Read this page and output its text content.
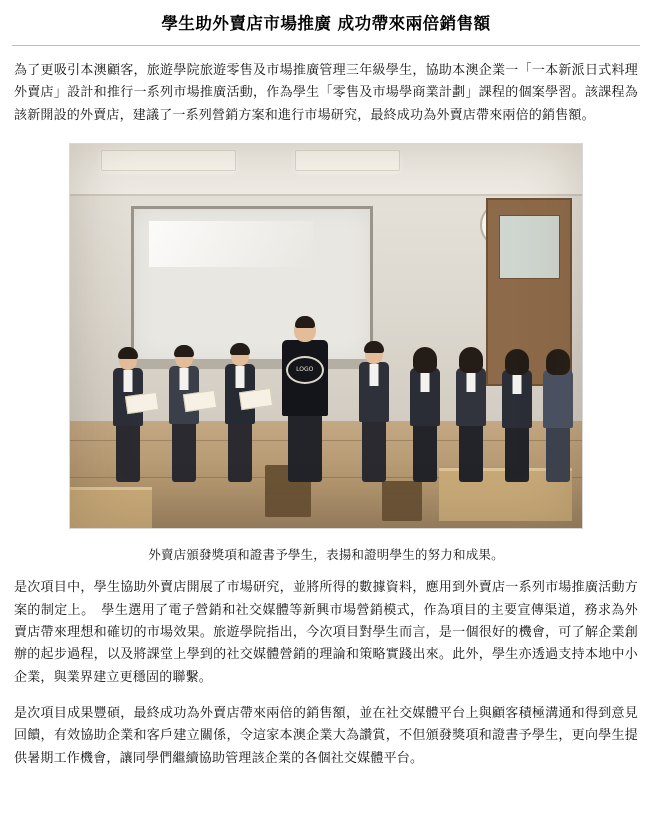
學生助外賣店市場推廣 成功帶來兩倍銷售額

為了更吸引本澳顧客，旅遊學院旅遊零售及市場推廣管理三年級學生，協助本澳企業一「一本新派日式料理外賣店」設計和推行一系列市場推廣活動，作為學生「零售及市場學商業計劃」課程的個案學習。該課程為該新開設的外賣店，建議了一系列營銷方案和進行市場研究，最終成功為外賣店帶來兩倍的銷售額。

LOGO
外賣店頒發獎項和證書予學生，表揚和證明學生的努力和成果。

是次項目中，學生協助外賣店開展了市場研究，並將所得的數據資料，應用到外賣店一系列市場推廣活動方案的制定上。　學生選用了電子營銷和社交媒體等新興市場營銷模式，作為項目的主要宣傳渠道，務求為外賣店帶來理想和確切的市場效果。旅遊學院指出，今次項目對學生而言，是一個很好的機會，可了解企業創辦的起步過程，以及將課堂上學到的社交媒體營銷的理論和策略實踐出來。此外，學生亦透過支持本地中小企業，與業界建立更穩固的聯繫。

是次項目成果豐碩，最終成功為外賣店帶來兩倍的銷售額，並在社交媒體平台上與顧客積極溝通和得到意見回饋，有效協助企業和客戶建立關係，令這家本澳企業大為讚賞，不但頒發獎項和證書予學生，更向學生提供暑期工作機會，讓同學們繼續協助管理該企業的各個社交媒體平台。
